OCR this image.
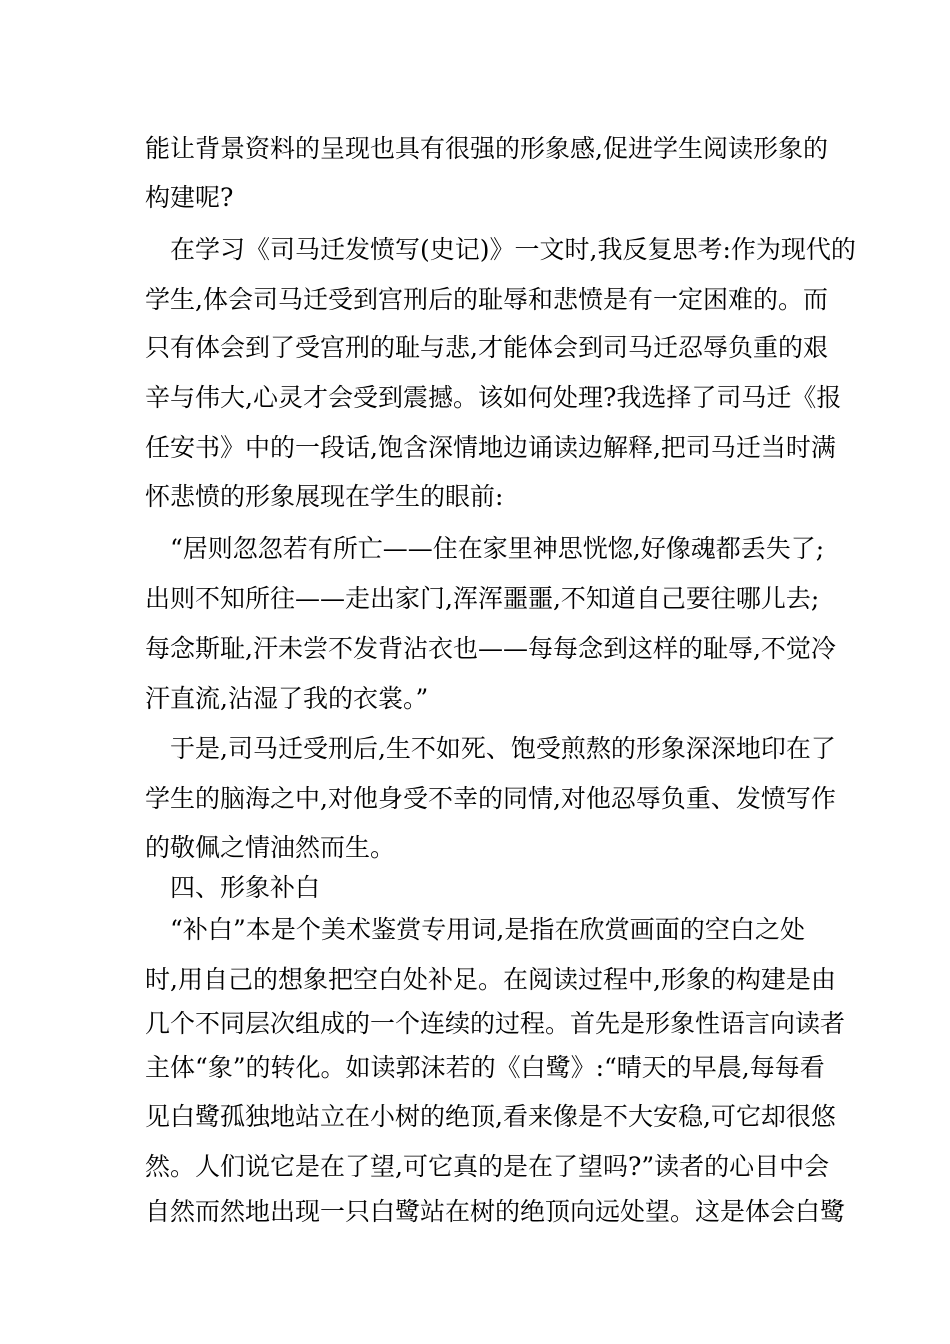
能让背景资料的呈现也具有很强的形象感,促进学生阅读形象的
构建呢?
在学习《司马迁发愤写(史记)》一文时,我反复思考:作为现代的
学生,体会司马迁受到宫刑后的耻辱和悲愤是有一定困难的。而
只有体会到了受宫刑的耻与悲,才能体会到司马迁忍辱负重的艰
辛与伟大,心灵才会受到震撼。该如何处理?我选择了司马迁《报
任安书》中的一段话,饱含深情地边诵读边解释,把司马迁当时满
怀悲愤的形象展现在学生的眼前:
“居则忽忽若有所亡——住在家里神思恍惚,好像魂都丢失了;
出则不知所往——走出家门,浑浑噩噩,不知道自己要往哪儿去;
每念斯耻,汗未尝不发背沾衣也——每每念到这样的耻辱,不觉冷
汗直流,沾湿了我的衣裳。”
于是,司马迁受刑后,生不如死、饱受煎熬的形象深深地印在了
学生的脑海之中,对他身受不幸的同情,对他忍辱负重、发愤写作
的敬佩之情油然而生。
四、形象补白
“补白”本是个美术鉴赏专用词,是指在欣赏画面的空白之处
时,用自己的想象把空白处补足。在阅读过程中,形象的构建是由
几个不同层次组成的一个连续的过程。首先是形象性语言向读者
主体“象”的转化。如读郭沫若的《白鹭》:“晴天的早晨,每每看
见白鹭孤独地站立在小树的绝顶,看来像是不大安稳,可它却很悠
然。人们说它是在了望,可它真的是在了望吗?”读者的心目中会
自然而然地出现一只白鹭站在树的绝顶向远处望。这是体会白鹭
